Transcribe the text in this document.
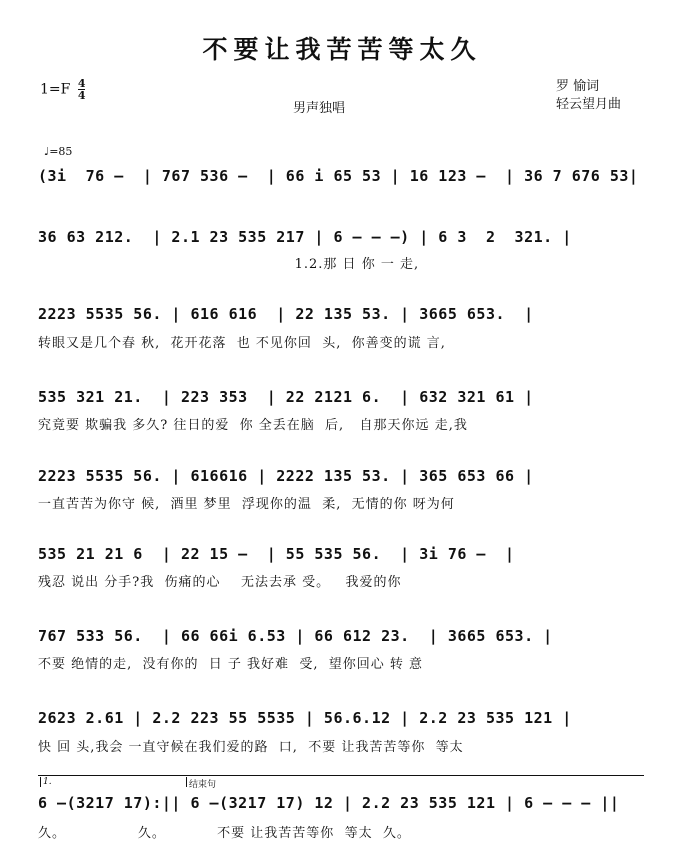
不要让我苦苦等太久
$1=F \frac{4}{4}$
男声独唱
罗 愉词
轻云望月曲
♩=85
(3i  76 –  | 767 536 –  | 66 i 65 53 | 16 123 –  | 36 7 676 53|
36 63 212.  | 2.1 23 535 217 | 6 – – –) | 6 3  2  321. |
1.2.那 日 你 一 走,
2223 5535 56. | 616 616  | 22 135 53. | 3665 653.  |
转眼又是几个春 秋,  花开花落  也 不见你回  头,  你善变的谎 言,
535 321 21.  | 223 353  | 22 2121 6.  | 632 321 61 |
究竟要 欺骗我 多久? 往日的爱  你 全丢在脑  后,   自那天你远 走,我
2223 5535 56. | 616616 | 2222 135 53. | 365 653 66 |
一直苦苦为你守 候,  酒里 梦里  浮现你的温  柔,  无情的你 呀为何
535 21 21 6  | 22 15 –  | 55 535 56.  | 3i 76 –  |
残忍 说出 分手?我  伤痛的心    无法去承 受。   我爱的你
767 533 56.  | 66 66i 6.53 | 66 612 23.  | 3665 653. |
不要 绝情的走,  没有你的  日 子 我好难  受,  望你回心 转 意
2623 2.61 | 2.2 223 55 5535 | 56.6.12 | 2.2 23 535 121 |
快 回 头,我会 一直守候在我们爱的路  口,  不要 让我苦苦等你  等太
1.	结束句
6 –(3217 17):|| 6 –(3217 17) 12 | 2.2 23 535 121 | 6 – – – ||
久。              久。          不要 让我苦苦等你  等太  久。
